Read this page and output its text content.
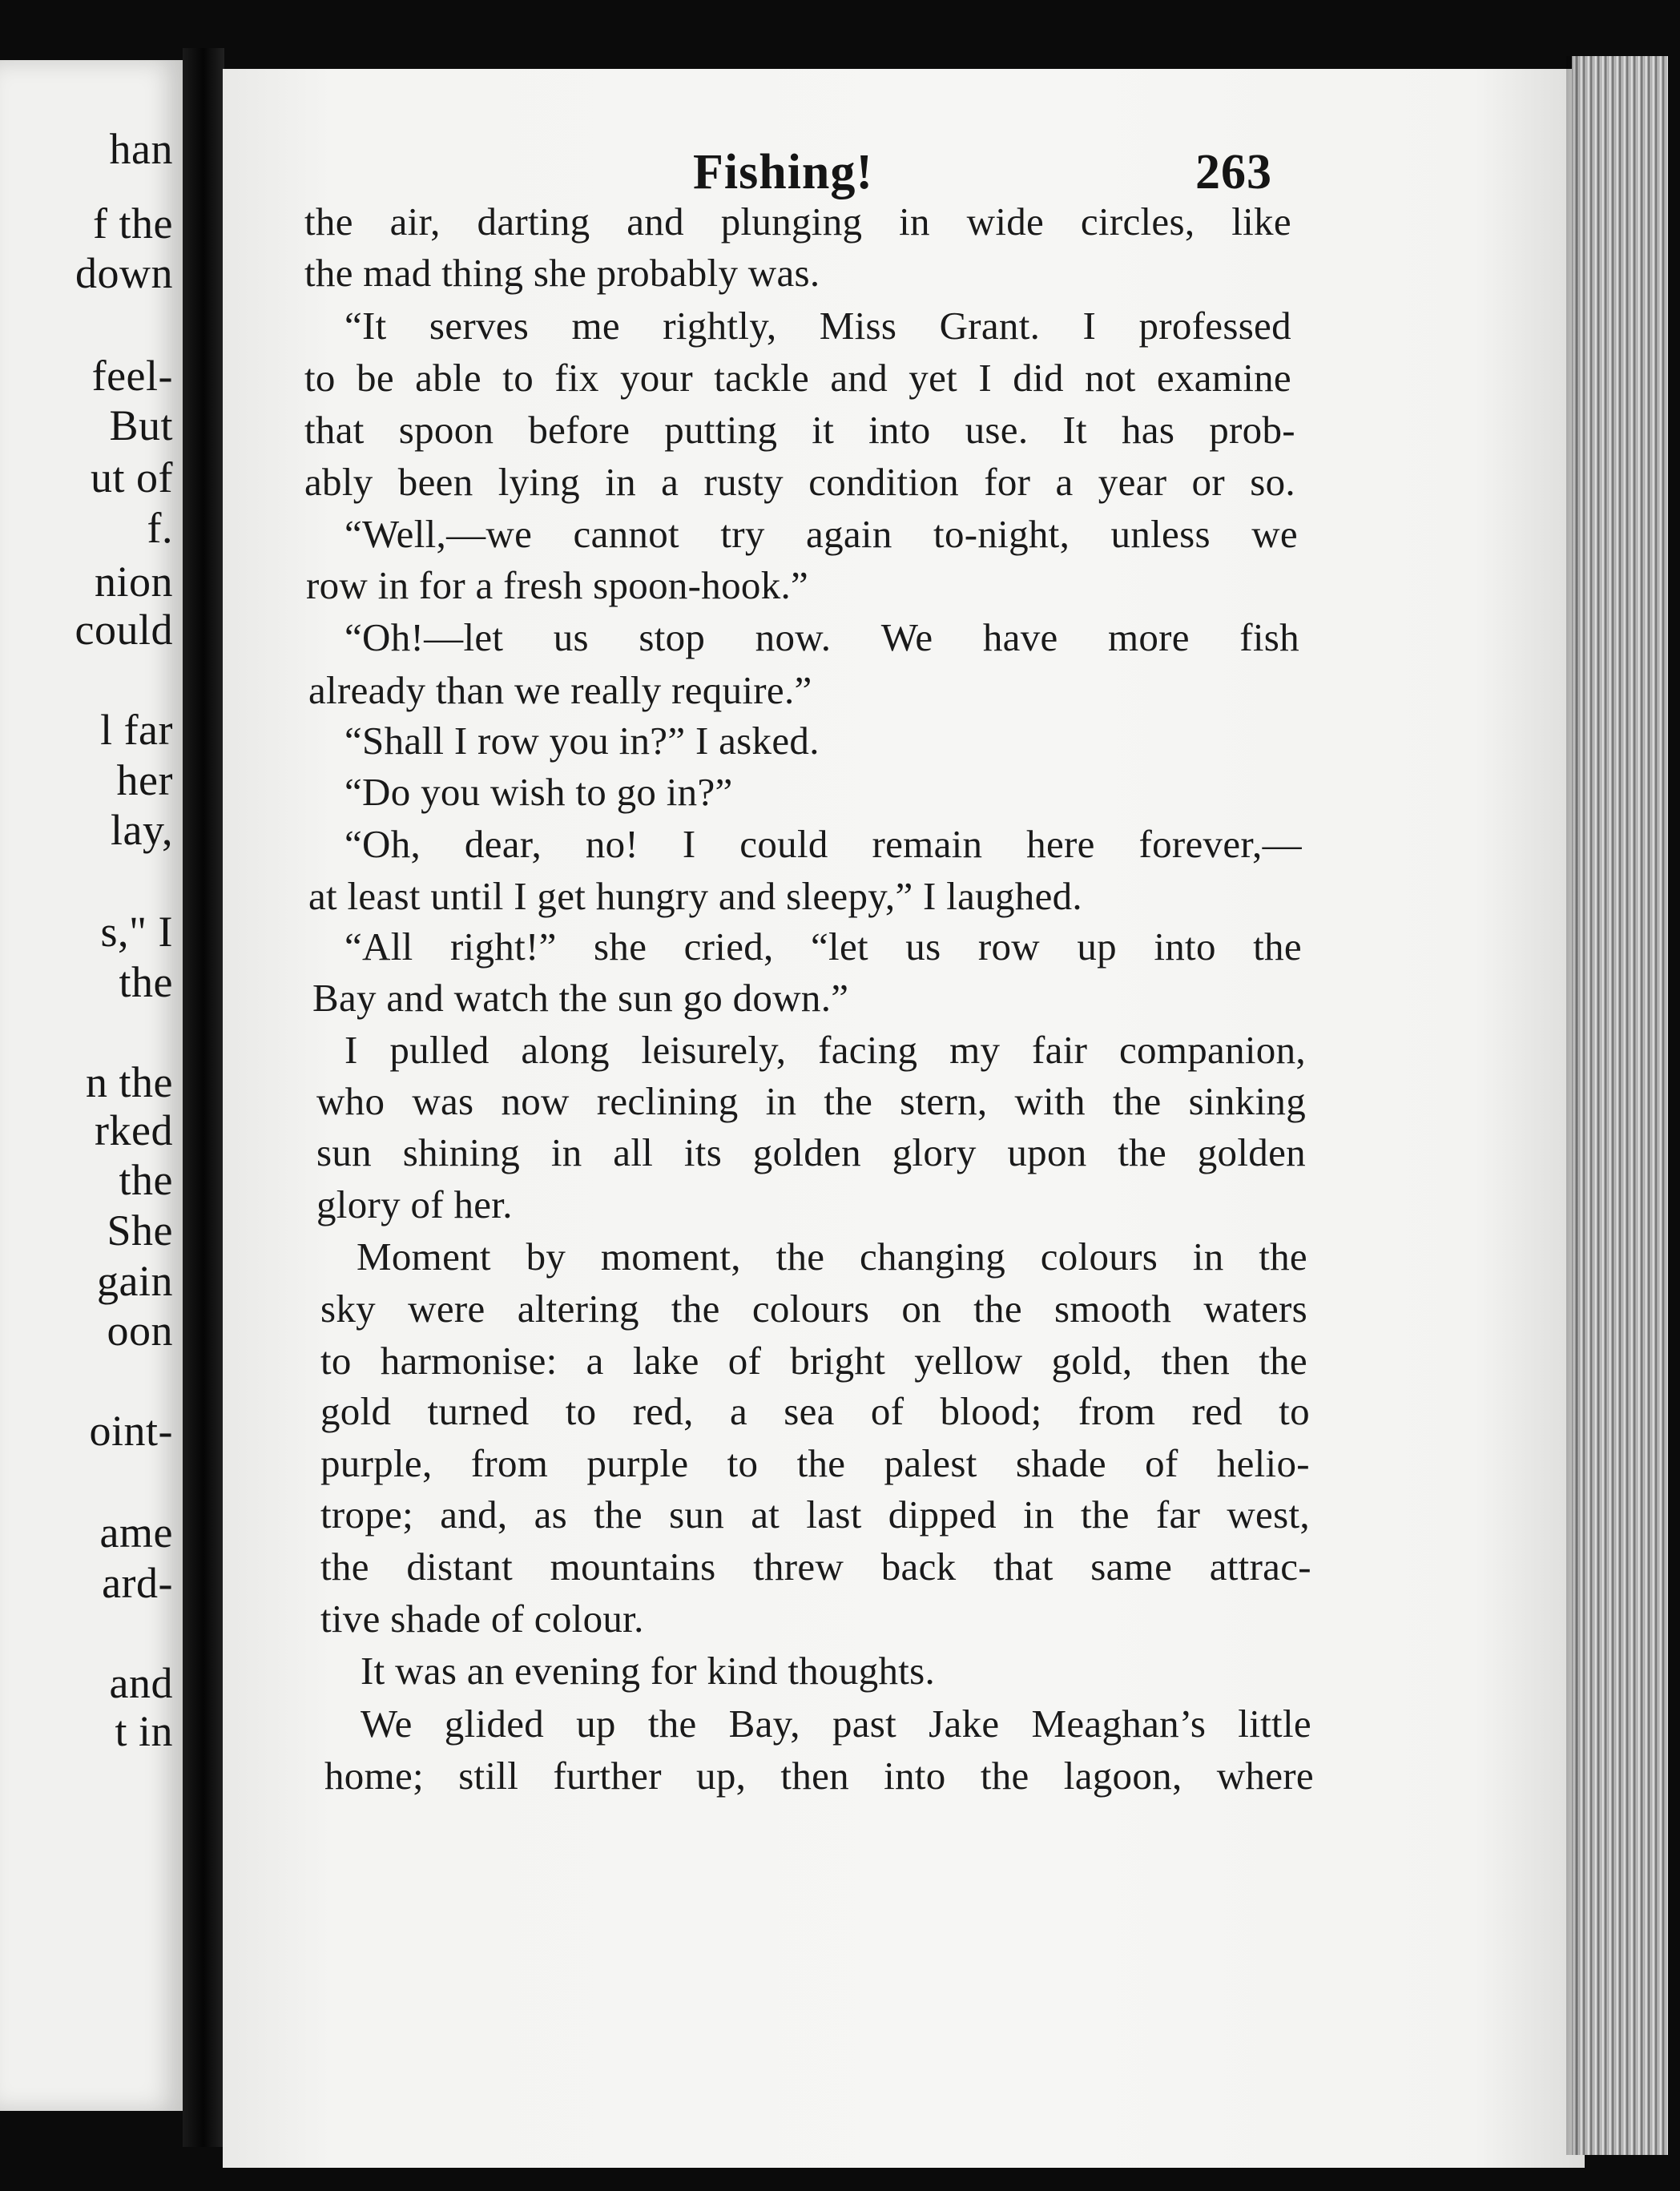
han
f the
down
feel-
But
ut of
f.
nion
could
l far
her
lay,
s," I
the
n the
rked
the
She
gain
oon
oint-
ame
ard-
and
t in
Fishing!	263
the air, darting and plunging in wide circles, like
the mad thing she probably was.
“It serves me rightly, Miss Grant. I professed
to be able to fix your tackle and yet I did not examine
that spoon before putting it into use. It has prob-
ably been lying in a rusty condition for a year or so.
“Well,—we cannot try again to-night, unless we
row in for a fresh spoon-hook.”
“Oh!—let us stop now. We have more fish
already than we really require.”
“Shall I row you in?” I asked.
“Do you wish to go in?”
“Oh, dear, no! I could remain here forever,—
at least until I get hungry and sleepy,” I laughed.
“All right!” she cried, “let us row up into the
Bay and watch the sun go down.”
I pulled along leisurely, facing my fair companion,
who was now reclining in the stern, with the sinking
sun shining in all its golden glory upon the golden
glory of her.
Moment by moment, the changing colours in the
sky were altering the colours on the smooth waters
to harmonise: a lake of bright yellow gold, then the
gold turned to red, a sea of blood; from red to
purple, from purple to the palest shade of helio-
trope; and, as the sun at last dipped in the far west,
the distant mountains threw back that same attrac-
tive shade of colour.
It was an evening for kind thoughts.
We glided up the Bay, past Jake Meaghan’s little
home; still further up, then into the lagoon, where
